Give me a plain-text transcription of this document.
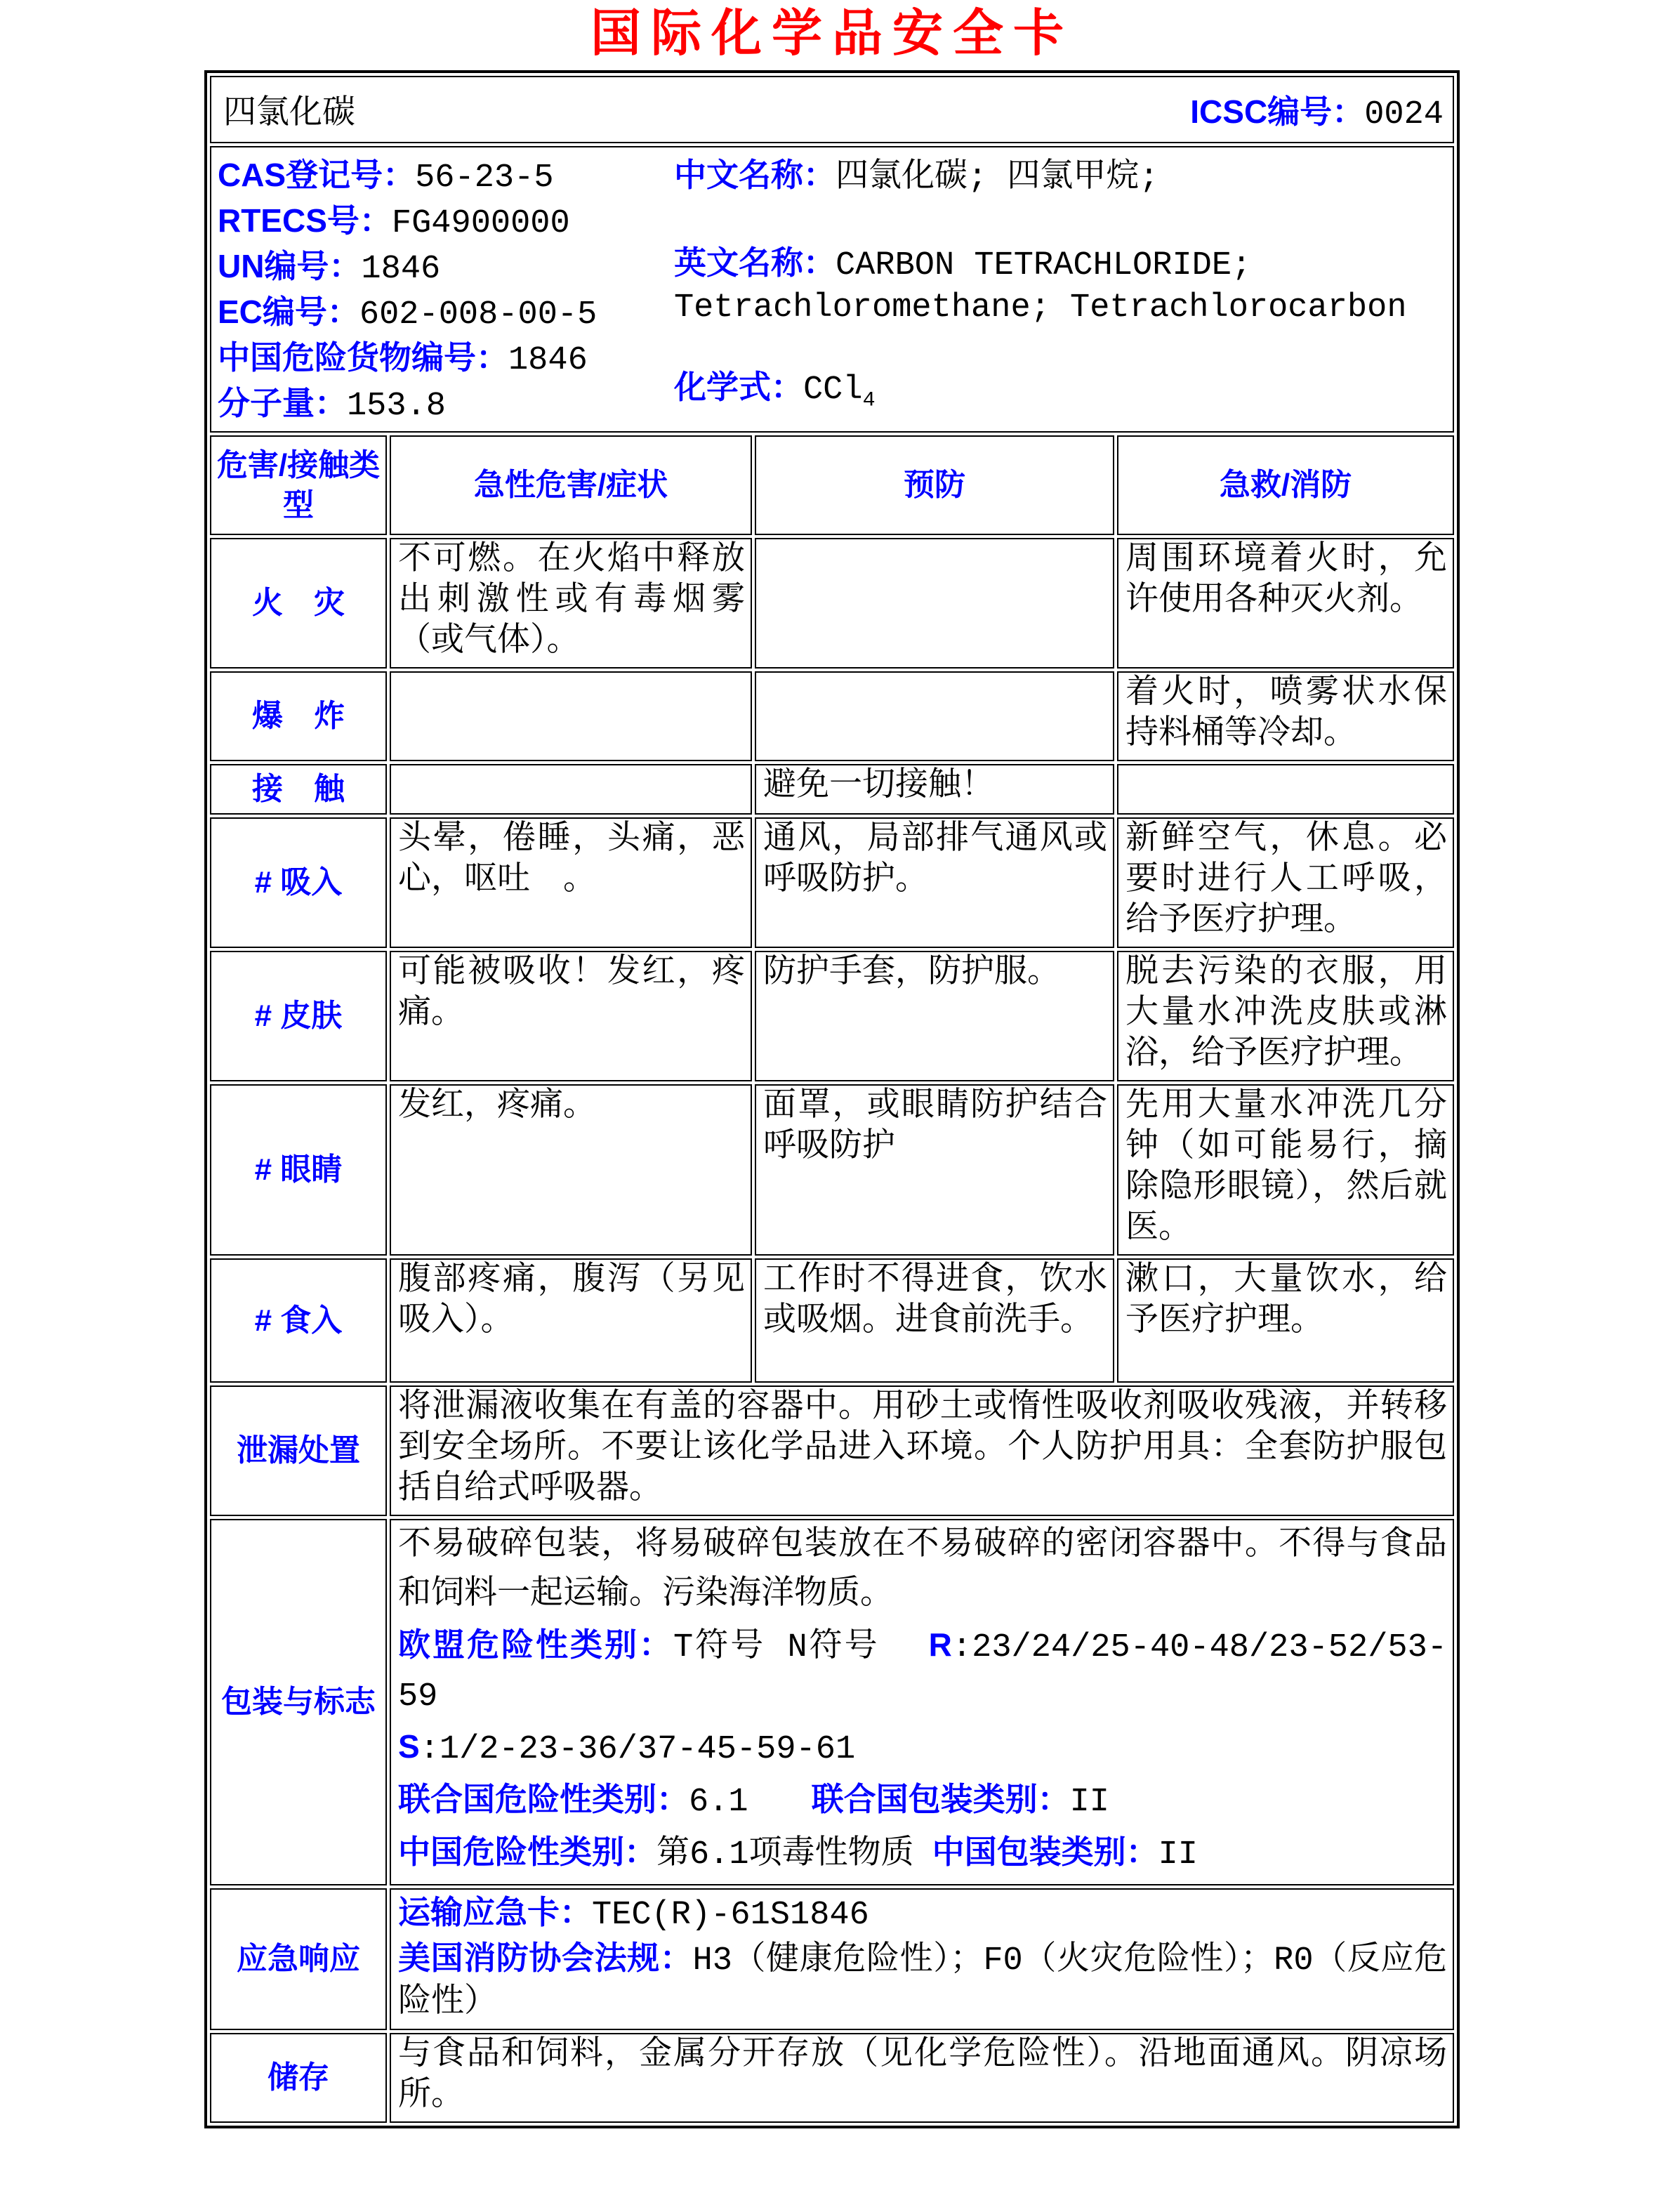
国际化学品安全卡
四氯化碳 ICSC编号：0024			

CAS登记号：56-23-5
RTECS号：FG4900000
UN编号：1846
EC编号：602-008-00-5
中国危险货物编号：1846
分子量：153.8
中文名称：四氯化碳; 四氯甲烷;
英文名称：CARBON TETRACHLORIDE; Tetrachloromethane; Tetrachlorocarbon
化学式：CCl$_4$

危害/接触类型	急性危害/症状	预防	急救/消防
火　灾	不可燃。在火焰中释放出刺激性或有毒烟雾（或气体）。		周围环境着火时，允许使用各种灭火剂。
爆　炸			着火时，喷雾状水保持料桶等冷却。
接　触		避免一切接触！	
# 吸入	头晕，倦睡，头痛，恶心，呕吐　。	通风，局部排气通风或呼吸防护。	新鲜空气，休息。必要时进行人工呼吸，给予医疗护理。
# 皮肤	可能被吸收！发红，疼痛。	防护手套，防护服。	脱去污染的衣服，用大量水冲洗皮肤或淋浴，给予医疗护理。
# 眼睛	发红，疼痛。	面罩，或眼睛防护结合呼吸防护	先用大量水冲洗几分钟（如可能易行，摘除隐形眼镜），然后就医。
# 食入	腹部疼痛，腹泻（另见吸入）。	工作时不得进食，饮水或吸烟。进食前洗手。	漱口，大量饮水，给予医疗护理。
泄漏处置	将泄漏液收集在有盖的容器中。用砂土或惰性吸收剂吸收残液，并转移到安全场所。不要让该化学品进入环境。个人防护用具：全套防护服包括自给式呼吸器。		
包装与标志	不易破碎包装，将易破碎包装放在不易破碎的密闭容器中。不得与食品和饲料一起运输。污染海洋物质。

欧盟危险性类别：T符号 N符号 R:23/24/25-40-48/23-52/53-59

S:1/2-23-36/37-45-59-61

联合国危险性类别：6.1 联合国包装类别：II

中国危险性类别：第6.1项毒性物质 中国包装类别：II		

应急响应	运输应急卡：TEC(R)-61S1846

美国消防协会法规：H3（健康危险性）；F0（火灾危险性）；R0（反应危险性）		

储存	与食品和饲料，金属分开存放（见化学危险性）。沿地面通风。阴凉场所。		
